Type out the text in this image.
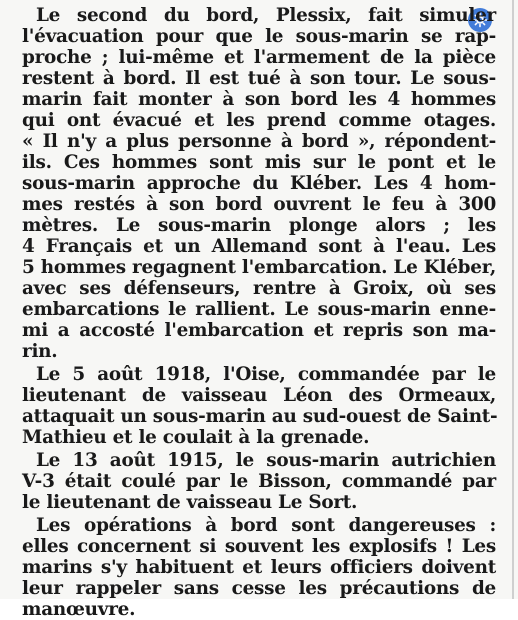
Le second du bord, Plessix, fait simuler
l'évacuation pour que le sous-marin se rap-
proche ; lui-même et l'armement de la pièce
restent à bord. Il est tué à son tour. Le sous-
marin fait monter à son bord les 4 hommes
qui ont évacué et les prend comme otages.
« Il n'y a plus personne à bord », répondent-
ils. Ces hommes sont mis sur le pont et le
sous-marin approche du Kléber. Les 4 hom-
mes restés à son bord ouvrent le feu à 300
mètres. Le sous-marin plonge alors ; les
4 Français et un Allemand sont à l'eau. Les
5 hommes regagnent l'embarcation. Le Kléber,
avec ses défenseurs, rentre à Groix, où ses
embarcations le rallient. Le sous-marin enne-
mi a accosté l'embarcation et repris son ma-
rin.
Le 5 août 1918, l'Oise, commandée par le
lieutenant de vaisseau Léon des Ormeaux,
attaquait un sous-marin au sud-ouest de Saint-
Mathieu et le coulait à la grenade.
Le 13 août 1915, le sous-marin autrichien
V-3 était coulé par le Bisson, commandé par
le lieutenant de vaisseau Le Sort.
Les opérations à bord sont dangereuses :
elles concernent si souvent les explosifs ! Les
marins s'y habituent et leurs officiers doivent
leur rappeler sans cesse les précautions de
manœuvre.
